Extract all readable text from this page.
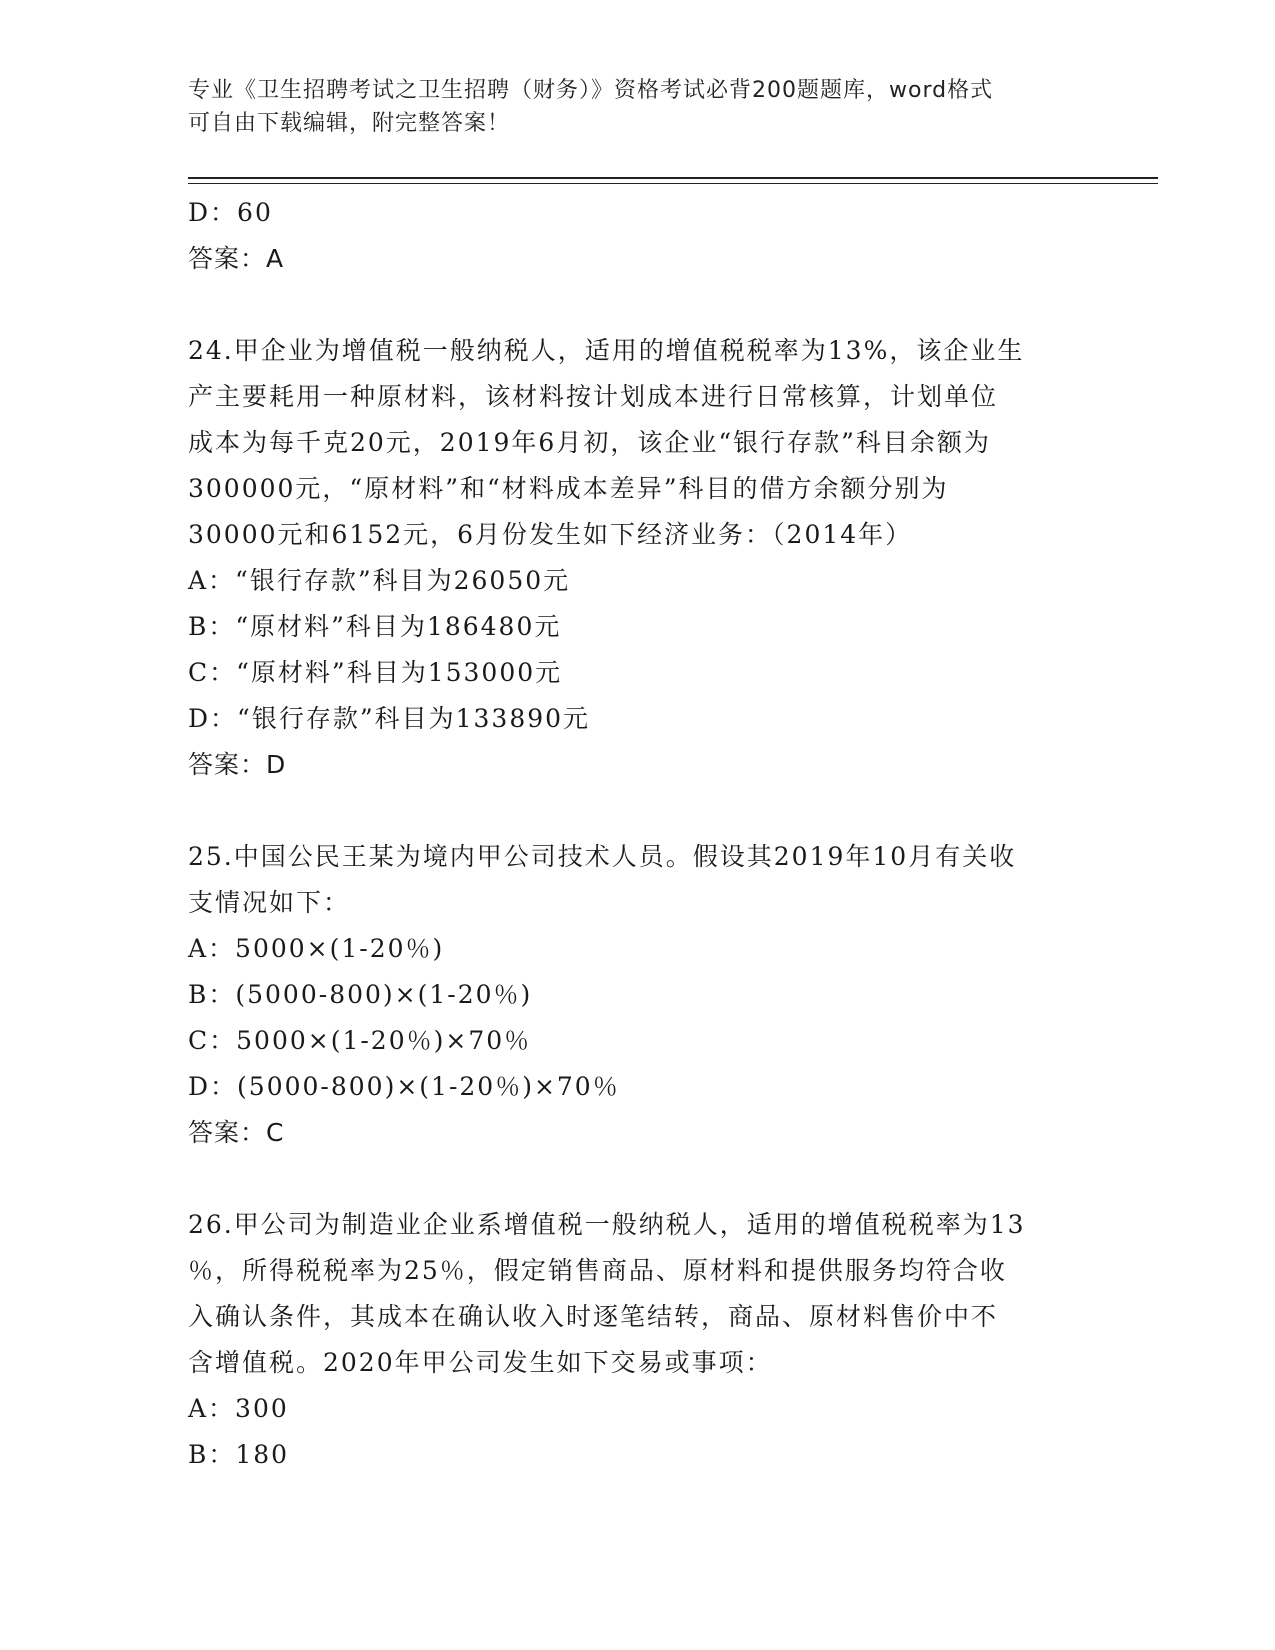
专业《卫生招聘考试之卫生招聘（财务）》资格考试必背200题题库，word格式
可自由下载编辑，附完整答案！
D：60
答案：A
24.甲企业为增值税一般纳税人，适用的增值税税率为13%，该企业生
产主要耗用一种原材料，该材料按计划成本进行日常核算，计划单位
成本为每千克20元，2019年6月初，该企业“银行存款”科目余额为
300000元，“原材料”和“材料成本差异”科目的借方余额分别为
30000元和6152元，6月份发生如下经济业务：（2014年）
A：“银行存款”科目为26050元
B：“原材料”科目为186480元
C：“原材料”科目为153000元
D：“银行存款”科目为133890元
答案：D
25.中国公民王某为境内甲公司技术人员。假设其2019年10月有关收
支情况如下：
A：5000×(1-20％)
B：(5000-800)×(1-20％)
C：5000×(1-20％)×70％
D：(5000-800)×(1-20％)×70％
答案：C
26.甲公司为制造业企业系增值税一般纳税人，适用的增值税税率为13
％，所得税税率为25％，假定销售商品、原材料和提供服务均符合收
入确认条件，其成本在确认收入时逐笔结转，商品、原材料售价中不
含增值税。2020年甲公司发生如下交易或事项：
A：300
B：180
